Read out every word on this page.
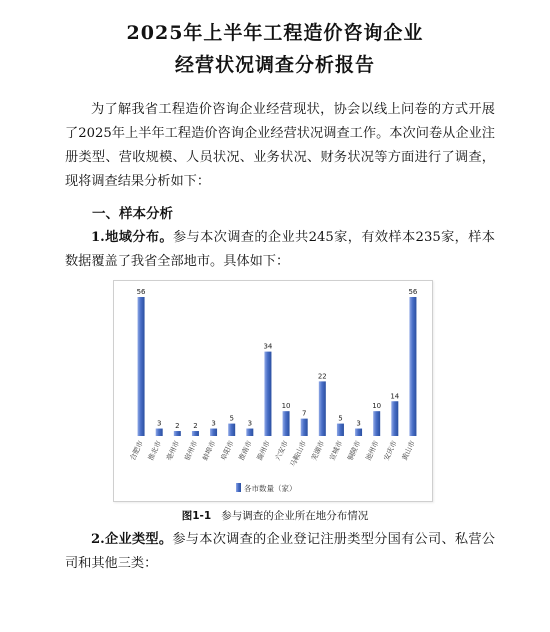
2025年上半年工程造价咨询企业
经营状况调查分析报告

为了解我省工程造价咨询企业经营现状，协会以线上问卷的方式开展了2025年上半年工程造价咨询企业经营状况调查工作。本次问卷从企业注册类型、营收规模、人员状况、业务状况、财务状况等方面进行了调查，现将调查结果分析如下：

一、样本分析

1.地域分布。参与本次调查的企业共245家，有效样本235家，样本数据覆盖了我省全部地市。具体如下：

56
3 2 2 3
5
3
34
10
7
22
5
3
10
14
56
合肥市 淮北市 亳州市 宿州市 蚌埠市 阜阳市 淮南市 滁州市 六安市 马鞍山市 芜湖市 宣城市 铜陵市 池州市 安庆市 黄山市
各市数量（家）
图1-1 参与调查的企业所在地分布情况

2.企业类型。参与本次调查的企业登记注册类型分国有公司、私营公司和其他三类：
